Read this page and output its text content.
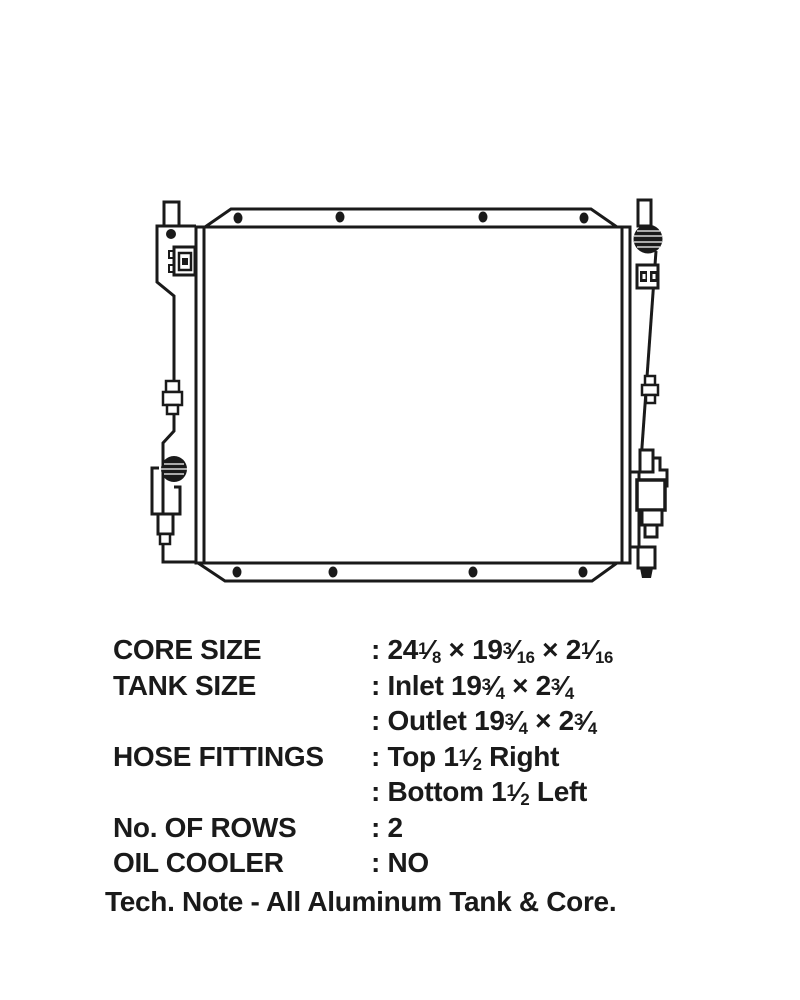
CORE SIZE	: $24^1⁄_8$ × $19^3⁄_{16}$ × $2^1⁄_{16}$
TANK SIZE	: Inlet $19^3⁄_4$ × $2^3⁄_4$
: Outlet $19^3⁄_4$ × $2^3⁄_4$
HOSE FITTINGS	: Top $1^1⁄_2$ Right
: Bottom $1^1⁄_2$ Left
No. OF ROWS	: 2
OIL COOLER	: NO
Tech. Note - All Aluminum Tank & Core.
